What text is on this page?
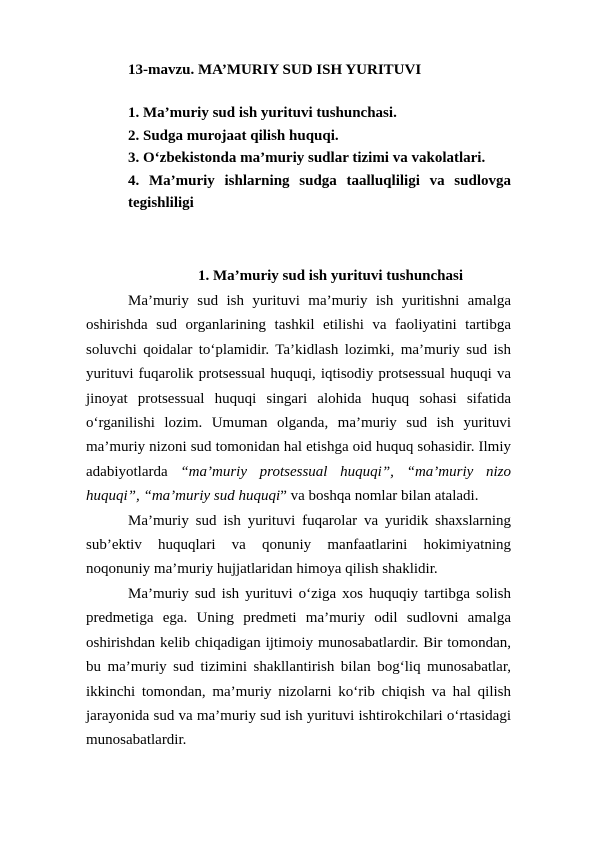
13-mavzu. MA’MURIY SUD ISH YURITUVI
1. Ma’muriy sud ish yurituvi tushunchasi.
2. Sudga murojaat qilish huquqi.
3. O‘zbekistonda ma’muriy sudlar tizimi va vakolatlari.
4. Ma’muriy ishlarning sudga taalluqliligi va sudlovga tegishliligi
1. Ma’muriy sud ish yurituvi tushunchasi

Ma’muriy sud ish yurituvi ma’muriy ish yuritishni amalga oshirishda sud organlarining tashkil etilishi va faoliyatini tartibga soluvchi qoidalar to‘plamidir. Ta’kidlash lozimki, ma’muriy sud ish yurituvi fuqarolik protsessual huquqi, iqtisodiy protsessual huquqi va jinoyat protsessual huquqi singari alohida huquq sohasi sifatida o‘rganilishi lozim. Umuman olganda, ma’muriy sud ish yurituvi ma’muriy nizoni sud tomonidan hal etishga oid huquq sohasidir. Ilmiy adabiyotlarda “ma’muriy protsessual huquqi”, “ma’muriy nizo huquqi”, “ma’muriy sud huquqi” va boshqa nomlar bilan ataladi.

Ma’muriy sud ish yurituvi fuqarolar va yuridik shaxslarning sub’ektiv huquqlari va qonuniy manfaatlarini hokimiyatning noqonuniy ma’muriy hujjatlaridan himoya qilish shaklidir.

Ma’muriy sud ish yurituvi o‘ziga xos huquqiy tartibga solish predmetiga ega. Uning predmeti ma’muriy odil sudlovni amalga oshirishdan kelib chiqadigan ijtimoiy munosabatlardir. Bir tomondan, bu ma’muriy sud tizimini shakllantirish bilan bog‘liq munosabatlar, ikkinchi tomondan, ma’muriy nizolarni ko‘rib chiqish va hal qilish jarayonida sud va ma’muriy sud ish yurituvi ishtirokchilari o‘rtasidagi munosabatlardir.
